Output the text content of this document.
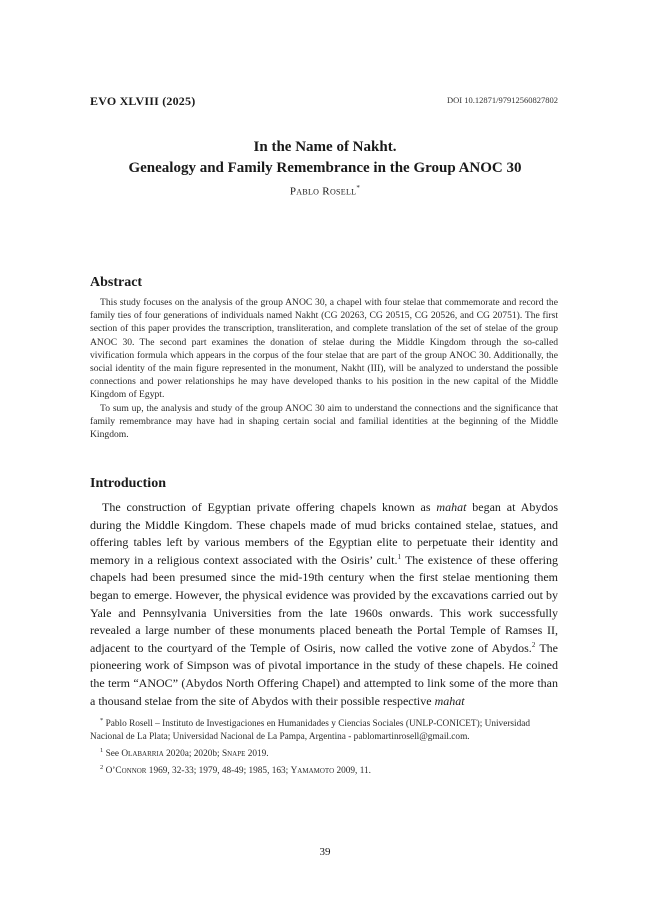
EVO XLVIII (2025)	DOI 10.12871/97912560827802
In the Name of Nakht.
Genealogy and Family Remembrance in the Group ANOC 30
Pablo Rosell*
Abstract

This study focuses on the analysis of the group ANOC 30, a chapel with four stelae that commemorate and record the family ties of four generations of individuals named Nakht (CG 20263, CG 20515, CG 20526, and CG 20751). The first section of this paper provides the transcription, transliteration, and complete translation of the set of stelae of the group ANOC 30. The second part examines the donation of stelae during the Middle Kingdom through the so-called vivification formula which appears in the corpus of the four stelae that are part of the group ANOC 30. Additionally, the social identity of the main figure represented in the monument, Nakht (III), will be analyzed to understand the possible connections and power relationships he may have developed thanks to his position in the new capital of the Middle Kingdom of Egypt.

To sum up, the analysis and study of the group ANOC 30 aim to understand the connections and the significance that family remembrance may have had in shaping certain social and familial identities at the beginning of the Middle Kingdom.

Introduction

The construction of Egyptian private offering chapels known as mahat began at Abydos during the Middle Kingdom. These chapels made of mud bricks contained stelae, statues, and offering tables left by various members of the Egyptian elite to perpetuate their identity and memory in a religious context associated with the Osiris’ cult.$^1$ The existence of these offering chapels had been presumed since the mid-19th century when the first stelae mentioning them began to emerge. However, the physical evidence was provided by the excavations carried out by Yale and Pennsylvania Universities from the late 1960s onwards. This work successfully revealed a large number of these monuments placed beneath the Portal Temple of Ramses II, adjacent to the courtyard of the Temple of Osiris, now called the votive zone of Abydos.$^2$ The pioneering work of Simpson was of pivotal importance in the study of these chapels. He coined the term “ANOC” (Abydos North Offering Chapel) and attempted to link some of the more than a thousand stelae from the site of Abydos with their possible respective mahat

* Pablo Rosell – Instituto de Investigaciones en Humanidades y Ciencias Sociales (UNLP-CONICET); Universidad Nacional de La Plata; Universidad Nacional de La Pampa, Argentina - pablomartinrosell@gmail.com.

$^1$ See Olabarria 2020a; 2020b; Snape 2019.

$^2$ O’Connor 1969, 32-33; 1979, 48-49; 1985, 163; Yamamoto 2009, 11.

39
